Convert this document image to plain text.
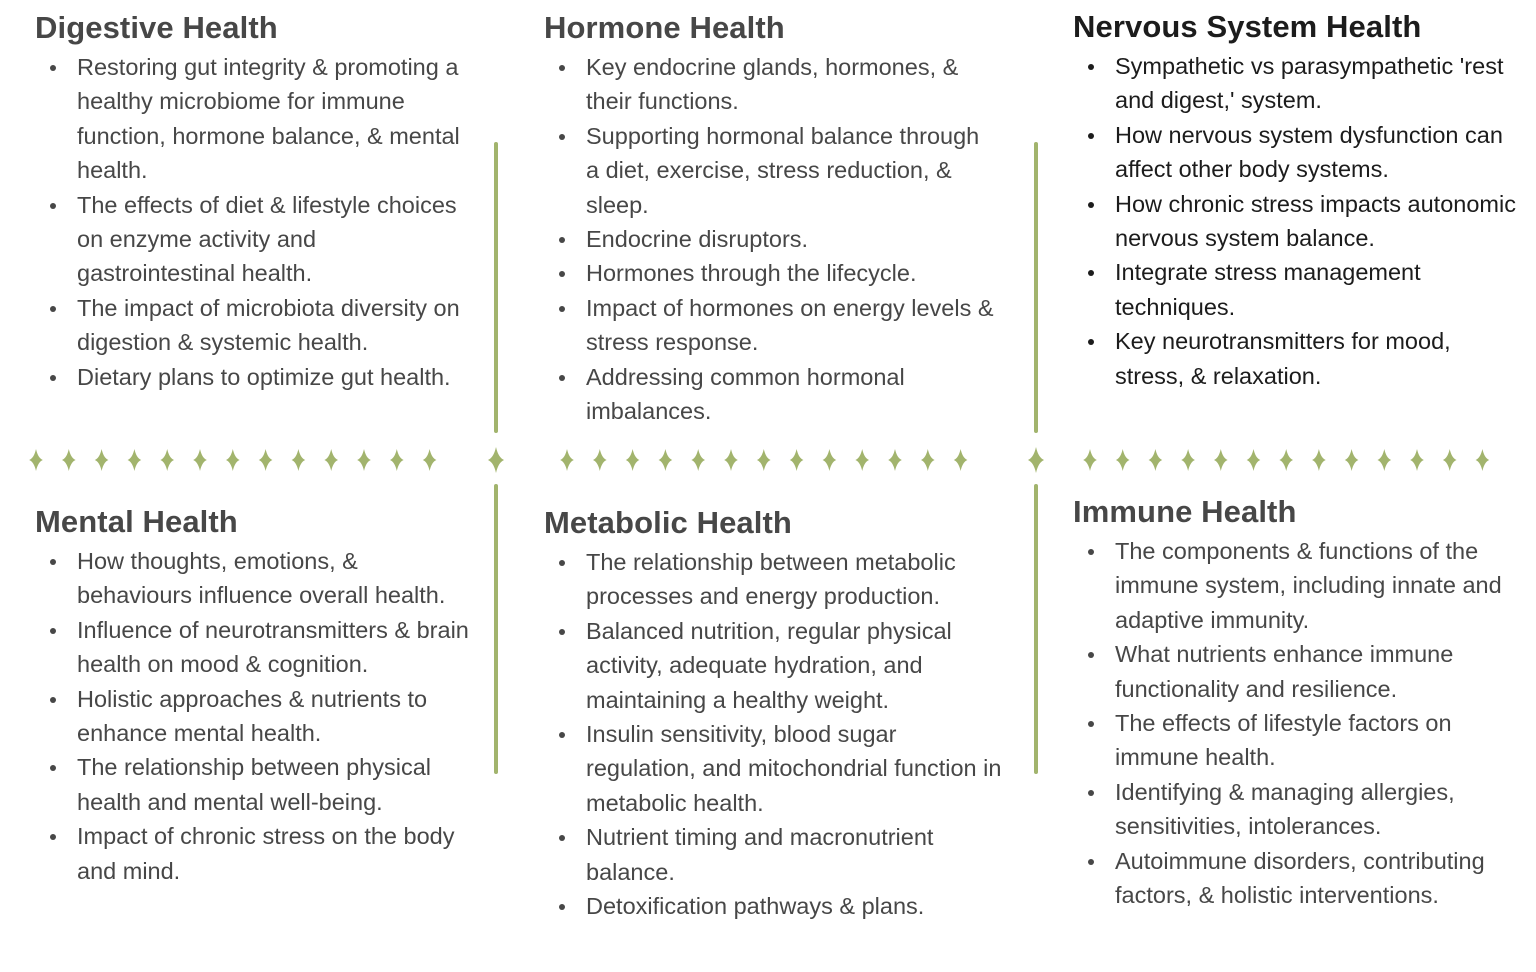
Digestive Health
Restoring gut integrity & promoting a healthy microbiome for immune function, hormone balance, & mental health.
The effects of diet & lifestyle choices on enzyme activity and gastrointestinal health.
The impact of microbiota diversity on digestion & systemic health.
Dietary plans to optimize gut health.
Hormone Health
Key endocrine glands, hormones, & their functions.
Supporting hormonal balance through a diet, exercise, stress reduction, & sleep.
Endocrine disruptors.
Hormones through the lifecycle.
Impact of hormones on energy levels & stress response.
Addressing common hormonal imbalances.
Nervous System Health
Sympathetic vs parasympathetic 'rest and digest,' system.
How nervous system dysfunction can affect other body systems.
How chronic stress impacts autonomic nervous system balance.
Integrate stress management techniques.
Key neurotransmitters for mood, stress, & relaxation.
Mental Health
How thoughts, emotions, & behaviours influence overall health.
Influence of neurotransmitters & brain health on mood & cognition.
Holistic approaches & nutrients to enhance mental health.
The relationship between physical health and mental well-being.
Impact of chronic stress on the body and mind.
Metabolic Health
The relationship between metabolic processes and energy production.
Balanced nutrition, regular physical activity, adequate hydration, and maintaining a healthy weight.
Insulin sensitivity, blood sugar regulation, and mitochondrial function in metabolic health.
Nutrient timing and macronutrient balance.
Detoxification pathways & plans.
Immune Health
The components & functions of the immune system, including innate and adaptive immunity.
What nutrients enhance immune functionality and resilience.
The effects of lifestyle factors on immune health.
Identifying & managing allergies, sensitivities, intolerances.
Autoimmune disorders, contributing factors, & holistic interventions.
